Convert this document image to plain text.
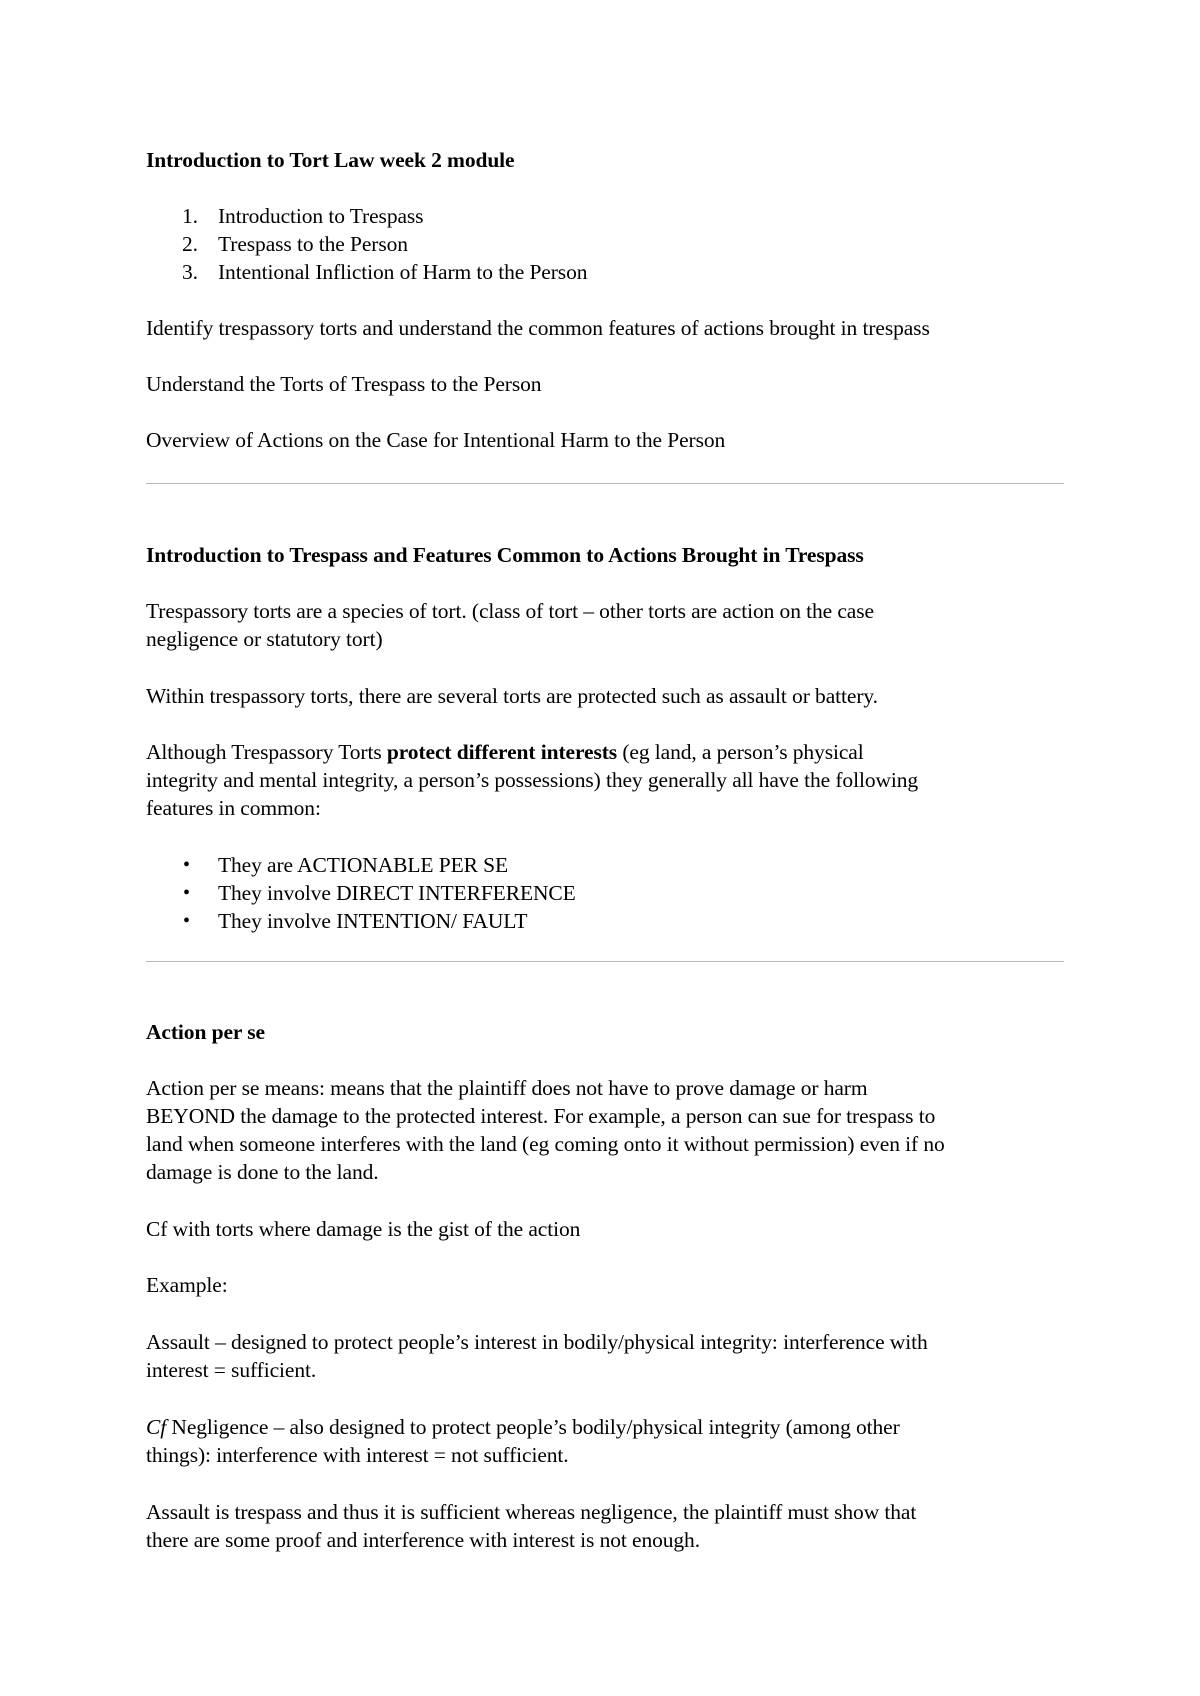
Introduction to Tort Law week 2 module

1. Introduction to Trespass
2. Trespass to the Person
3. Intentional Infliction of Harm to the Person

Identify trespassory torts and understand the common features of actions brought in trespass

Understand the Torts of Trespass to the Person

Overview of Actions on the Case for Intentional Harm to the Person

Introduction to Trespass and Features Common to Actions Brought in Trespass

Trespassory torts are a species of tort. (class of tort – other torts are action on the case
negligence or statutory tort)

Within trespassory torts, there are several torts are protected such as assault or battery.

Although Trespassory Torts protect different interests (eg land, a person’s physical
integrity and mental integrity, a person’s possessions) they generally all have the following
features in common:
• They are ACTIONABLE PER SE
• They involve DIRECT INTERFERENCE
• They involve INTENTION/ FAULT

Action per se

Action per se means: means that the plaintiff does not have to prove damage or harm
BEYOND the damage to the protected interest. For example, a person can sue for trespass to
land when someone interferes with the land (eg coming onto it without permission) even if no
damage is done to the land.

Cf with torts where damage is the gist of the action

Example:

Assault – designed to protect people’s interest in bodily/physical integrity: interference with
interest = sufficient.
Cf Negligence – also designed to protect people’s bodily/physical integrity (among other
things): interference with interest = not sufficient.
Assault is trespass and thus it is sufficient whereas negligence, the plaintiff must show that
there are some proof and interference with interest is not enough.
